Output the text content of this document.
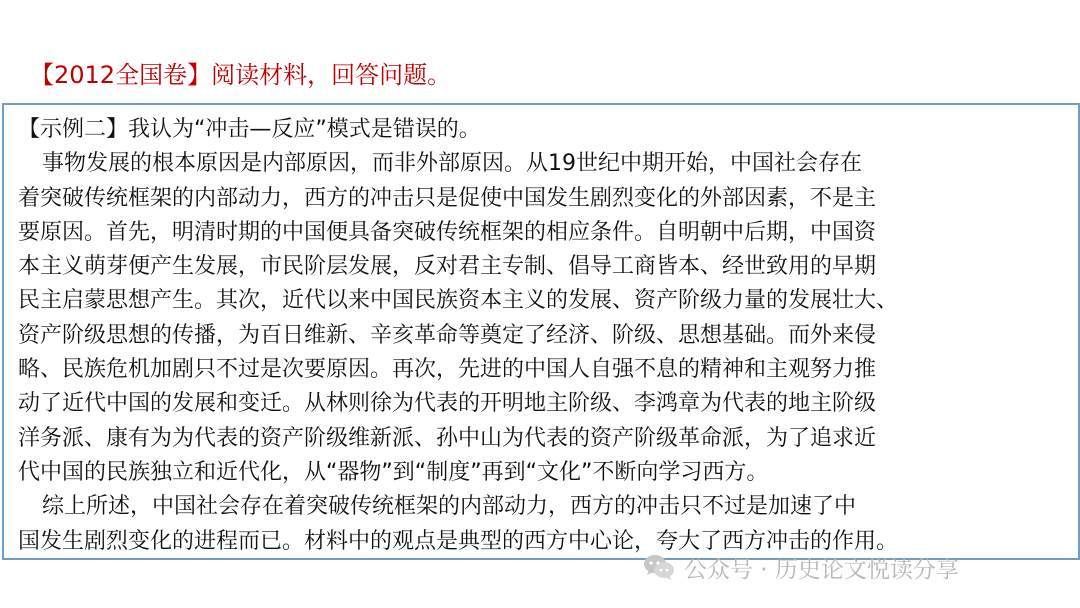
【2012全国卷】阅读材料，回答问题。
【示例二】我认为“冲击—反应”模式是错误的。
事物发展的根本原因是内部原因，而非外部原因。从19世纪中期开始，中国社会存在
着突破传统框架的内部动力，西方的冲击只是促使中国发生剧烈变化的外部因素，不是主
要原因。首先，明清时期的中国便具备突破传统框架的相应条件。自明朝中后期，中国资
本主义萌芽便产生发展，市民阶层发展，反对君主专制、倡导工商皆本、经世致用的早期
民主启蒙思想产生。其次，近代以来中国民族资本主义的发展、资产阶级力量的发展壮大、
资产阶级思想的传播，为百日维新、辛亥革命等奠定了经济、阶级、思想基础。而外来侵
略、民族危机加剧只不过是次要原因。再次，先进的中国人自强不息的精神和主观努力推
动了近代中国的发展和变迁。从林则徐为代表的开明地主阶级、李鸿章为代表的地主阶级
洋务派、康有为为代表的资产阶级维新派、孙中山为代表的资产阶级革命派，为了追求近
代中国的民族独立和近代化，从“器物”到“制度”再到“文化”不断向学习西方。
综上所述，中国社会存在着突破传统框架的内部动力，西方的冲击只不过是加速了中
国发生剧烈变化的进程而已。材料中的观点是典型的西方中心论，夸大了西方冲击的作用。
公众号 · 历史论文悦读分享
